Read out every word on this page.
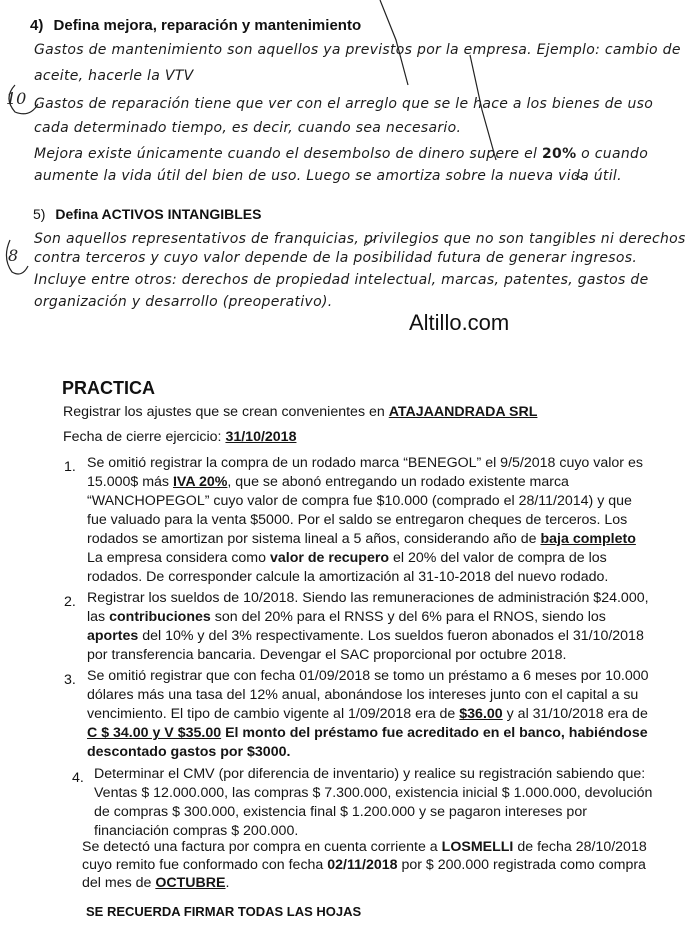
4) Defina mejora, reparación y mantenimiento
10
Gastos de mantenimiento son aquellos ya previstos por la empresa. Ejemplo: cambio de
aceite, hacerle la VTV
Gastos de reparación tiene que ver con el arreglo que se le hace a los bienes de uso
cada determinado tiempo, es decir, cuando sea necesario.
Mejora existe únicamente cuando el desembolso de dinero supere el 20% o cuando
aumente la vida útil del bien de uso. Luego se amortiza sobre la nueva vida útil.
5) Defina ACTIVOS INTANGIBLES
8
Son aquellos representativos de franquicias, privilegios que no son tangibles ni derechos
contra terceros y cuyo valor depende de la posibilidad futura de generar ingresos.
Incluye entre otros: derechos de propiedad intelectual, marcas, patentes, gastos de
organización y desarrollo (preoperativo).
Altillo.com
PRACTICA
Registrar los ajustes que se crean convenientes en ATAJAANDRADA SRL
Fecha de cierre ejercicio: 31/10/2018
1. Se omitió registrar la compra de un rodado marca “BENEGOL” el 9/5/2018 cuyo valor es
15.000$ más IVA 20%, que se abonó entregando un rodado existente marca
“WANCHOPEGOL” cuyo valor de compra fue $10.000 (comprado el 28/11/2014) y que
fue valuado para la venta $5000. Por el saldo se entregaron cheques de terceros. Los
rodados se amortizan por sistema lineal a 5 años, considerando año de baja completo
La empresa considera como valor de recupero el 20% del valor de compra de los
rodados. De corresponder calcule la amortización al 31-10-2018 del nuevo rodado.
2. Registrar los sueldos de 10/2018. Siendo las remuneraciones de administración $24.000,
las contribuciones son del 20% para el RNSS y del 6% para el RNOS, siendo los
aportes del 10% y del 3% respectivamente. Los sueldos fueron abonados el 31/10/2018
por transferencia bancaria. Devengar el SAC proporcional por octubre 2018.
3. Se omitió registrar que con fecha 01/09/2018 se tomo un préstamo a 6 meses por 10.000
dólares más una tasa del 12% anual, abonándose los intereses junto con el capital a su
vencimiento. El tipo de cambio vigente al 1/09/2018 era de $36.00 y al 31/10/2018 era de
C $ 34.00 y V $35.00 El monto del préstamo fue acreditado en el banco, habiéndose
descontado gastos por $3000.
4. Determinar el CMV (por diferencia de inventario) y realice su registración sabiendo que:
Ventas $ 12.000.000, las compras $ 7.300.000, existencia inicial $ 1.000.000, devolución
de compras $ 300.000, existencia final $ 1.200.000 y se pagaron intereses por
financiación compras $ 200.000.
Se detectó una factura por compra en cuenta corriente a LOSMELLI de fecha 28/10/2018
cuyo remito fue conformado con fecha 02/11/2018 por $ 200.000 registrada como compra
del mes de OCTUBRE.
SE RECUERDA FIRMAR TODAS LAS HOJAS
